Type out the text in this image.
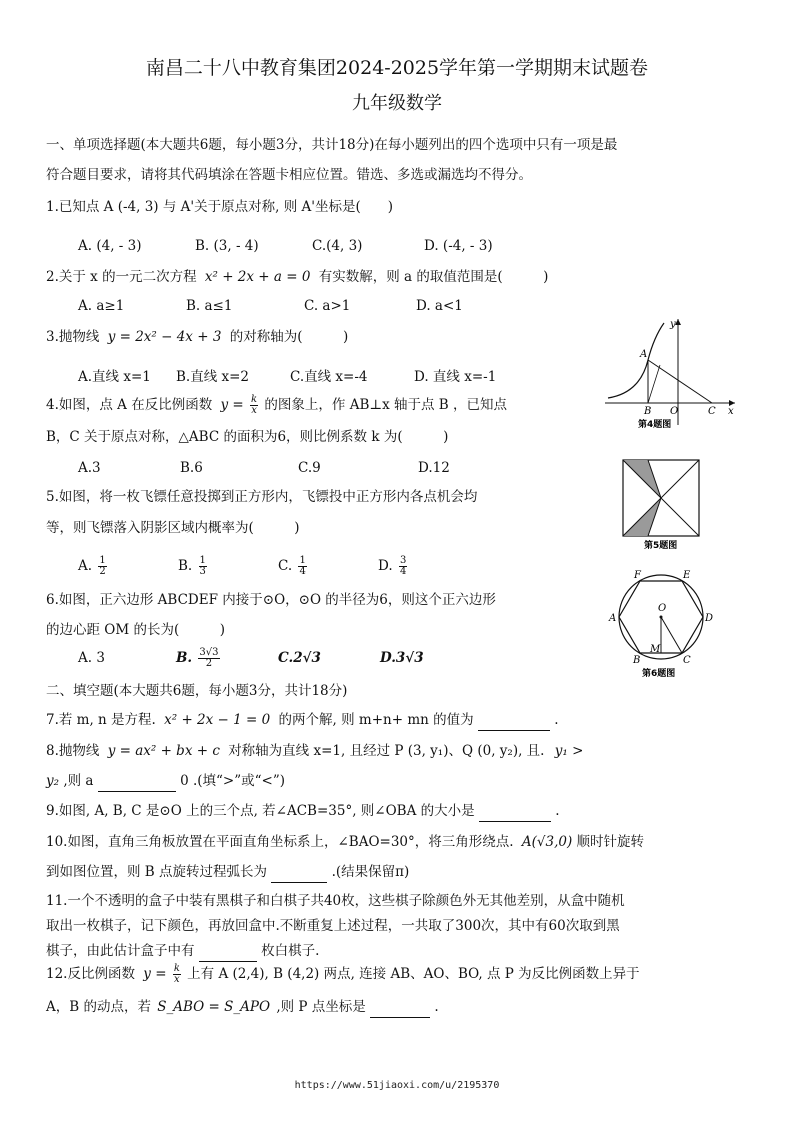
南昌二十八中教育集团2024-2025学年第一学期期末试题卷
九年级数学
一、单项选择题(本大题共6题，每小题3分，共计18分)在每小题列出的四个选项中只有一项是最
符合题目要求，请将其代码填涂在答题卡相应位置。错选、多选或漏选均不得分。
1.已知点 A (-4, 3) 与 A'关于原点对称, 则 A'坐标是(　　)
A. (4, - 3)	B. (3, - 4)	C.(4, 3)	D. (-4, - 3)
2.关于 x 的一元二次方程 x² + 2x + a = 0 有实数解，则 a 的取值范围是(　　　)
A. a≥1	B. a≤1	C. a>1	D. a<1
3.抛物线 y = 2x² − 4x + 3 的对称轴为(　　　)
A.直线 x=1 B.直线 x=2	C.直线 x=-4	D. 直线 x=-1
4.如图，点 A 在反比例函数 $y = \frac{k}{x}$ 的图象上，作 AB⊥x 轴于点 B ，已知点
B，C 关于原点对称，△ABC 的面积为6，则比例系数 k 为(　　　)
A.3	B.6	C.9	D.12
5.如图，将一枚飞镖任意投掷到正方形内，飞镖投中正方形内各点机会均
等，则飞镖落入阴影区域内概率为(　　　)
A. $\frac{1}{2}$	B. $\frac{1}{3}$	C. $\frac{1}{4}$	D. $\frac{3}{4}$
6.如图，正六边形 ABCDEF 内接于⊙O，⊙O 的半径为6，则这个正六边形
的边心距 OM 的长为(　　　)
A. 3	B. $\frac{3√3}{2}$	C.2√3	D.3√3
二、填空题(本大题共6题，每小题3分，共计18分)
7.若 m, n 是方程. x² + 2x − 1 = 0 的两个解, 则 m+n+ mn 的值为	.
8.抛物线 y = ax² + bx + c 对称轴为直线 x=1, 且经过 P (3, y₁)、Q (0, y₂), 且. y₁ >
y₂ ,则 a	0 .(填“>”或“<”)
9.如图, A, B, C 是⊙O 上的三个点, 若∠ACB=35°, 则∠OBA 的大小是	.
10.如图，直角三角板放置在平面直角坐标系上，∠BAO=30°，将三角形绕点. A(√3,0) 顺时针旋转
到如图位置，则 B 点旋转过程弧长为	.(结果保留π)
11.一个不透明的盒子中装有黑棋子和白棋子共40枚，这些棋子除颜色外无其他差别，从盒中随机
取出一枚棋子，记下颜色，再放回盒中.不断重复上述过程，一共取了300次，其中有60次取到黑
棋子，由此估计盒子中有	枚白棋子.
12.反比例函数 $y = \frac{k}{x}$ 上有 A (2,4), B (4,2) 两点, 连接 AB、AO、BO, 点 P 为反比例函数上异于
A，B 的动点，若 S_ABO = S_APO ,则 P 点坐标是	.
A
B O	C x
y
第4题图
第5题图
F	E
A	D
B	C
O
M
第6题图
https://www.51jiaoxi.com/u/2195370
